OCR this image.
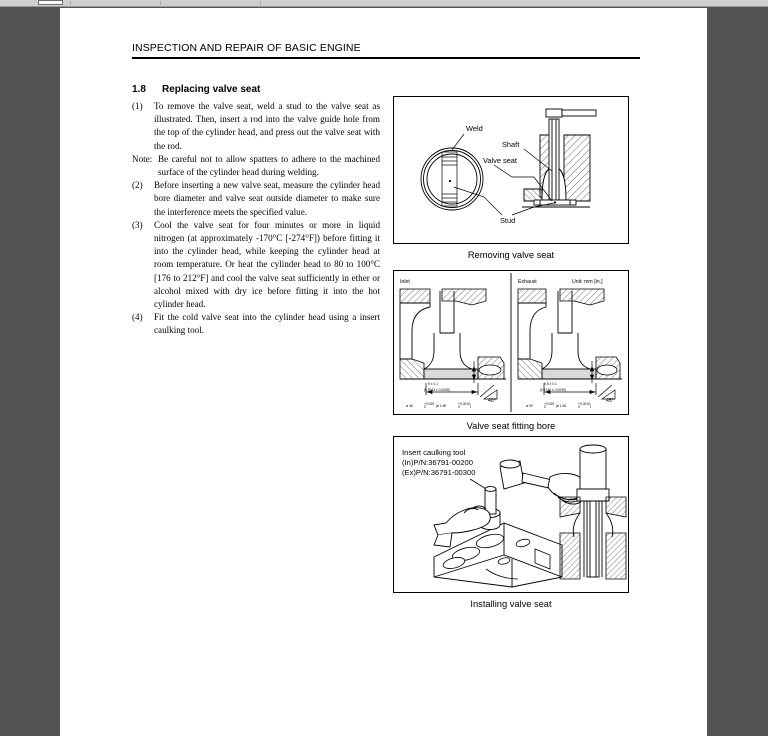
INSPECTION AND REPAIR OF BASIC ENGINE
1.8 Replacing valve seat
(1)	To remove the valve seat, weld a stud to the valve seat as illustrated. Then, insert a rod into the valve guide hole from the top of the cylinder head, and press out the valve seat with the rod.
Note: Be careful not to allow spatters to adhere to the machined surface of the cylinder head during welding.
(2)	Before inserting a new valve seat, measure the cylinder head bore diameter and valve seat outside diameter to make sure the interference meets the specified value.
(3)	Cool the valve seat for four minutes or more in liquid nitrogen (at approximately -170°C [-274°F]) before fitting it into the cylinder head, while keeping the cylinder head at room temperature. Or heat the cylinder head to 80 to 100°C [176 to 212°F] and cool the valve seat sufficiently in ether or alcohol mixed with dry ice before fitting it into the hot cylinder head.
(4)	Fit the cold valve seat into the cylinder head using a insert caulking tool.
Weld
Shaft
Valve seat
Stud
Removing valve seat
Inlet
9 ± 0.1
[0.3543 ± 0.0039]
ø 48	+0.025
0	[ø 1.89	+0.0010
0	]
40°
Exhaust	Unit: mm [in.]
9.5 ± 0.1
[0.3740 ± 0.0039]
ø 39	+0.025
0	[ø 1.54	+0.0010
0	]
45°
Valve seat fitting bore
Insert caulking tool
(In)P/N:36791-00200
(Ex)P/N:36791-00300
Installing valve seat
